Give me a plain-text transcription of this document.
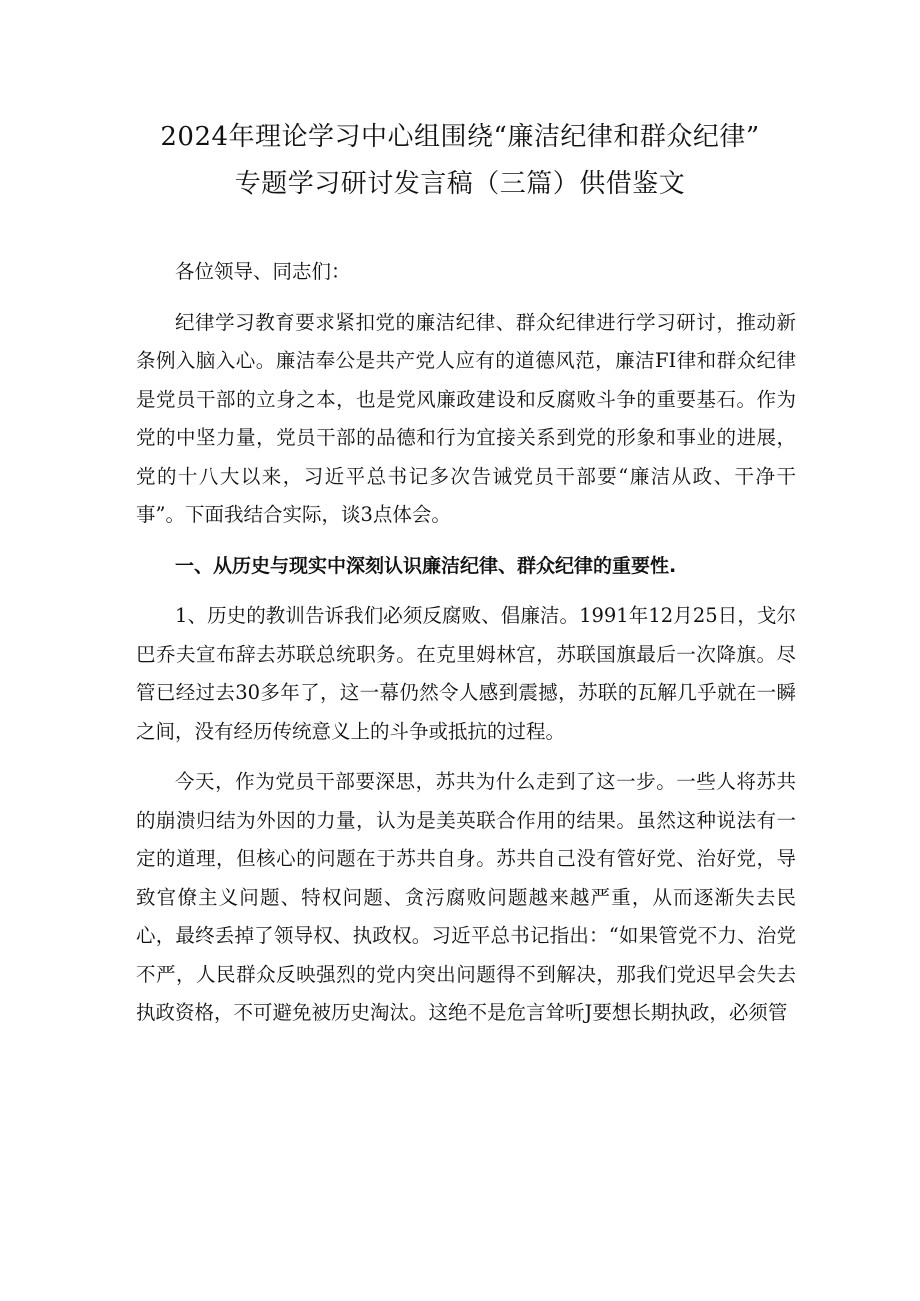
2024年理论学习中心组围绕“廉洁纪律和群众纪律”
专题学习研讨发言稿（三篇）供借鉴文

各位领导、同志们：

纪律学习教育要求紧扣党的廉洁纪律、群众纪律进行学习研讨，推动新条例入脑入心。廉洁奉公是共产党人应有的道德风范，廉洁FI律和群众纪律是党员干部的立身之本，也是党风廉政建设和反腐败斗争的重要基石。作为党的中坚力量，党员干部的品德和行为宜接关系到党的形象和事业的进展，党的十八大以来，习近平总书记多次告诫党员干部要“廉洁从政、干净干事”。下面我结合实际，谈3点体会。

一、从历史与现实中深刻认识廉洁纪律、群众纪律的重要性.

1、历史的教训告诉我们必须反腐败、倡廉洁。1991年12月25日，戈尔巴乔夫宣布辞去苏联总统职务。在克里姆林宫，苏联国旗最后一次降旗。尽管已经过去30多年了，这一幕仍然令人感到震撼，苏联的瓦解几乎就在一瞬之间，没有经历传统意义上的斗争或抵抗的过程。

今天，作为党员干部要深思，苏共为什么走到了这一步。一些人将苏共的崩溃归结为外因的力量，认为是美英联合作用的结果。虽然这种说法有一定的道理，但核心的问题在于苏共自身。苏共自己没有管好党、治好党，导致官僚主义问题、特权问题、贪污腐败问题越来越严重，从而逐渐失去民心，最终丢掉了领导权、执政权。习近平总书记指出：“如果管党不力、治党不严，人民群众反映强烈的党内突出问题得不到解决，那我们党迟早会失去执政资格，不可避免被历史淘汰。这绝不是危言耸听J要想长期执政，必须管
